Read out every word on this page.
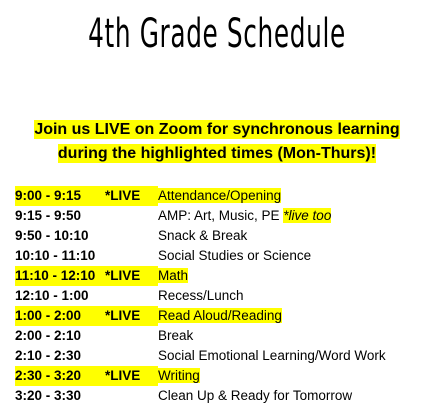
4th Grade Schedule
Join us LIVE on Zoom for synchronous learning
during the highlighted times (Mon-Thurs)!
9:00 - 9:15	*LIVE Attendance/Opening
9:15 - 9:50	AMP: Art, Music, PE *live too
9:50 - 10:10	Snack & Break
10:10 - 11:10	Social Studies or Science
11:10 - 12:10 *LIVE Math
12:10 - 1:00	Recess/Lunch
1:00 - 2:00	*LIVE Read Aloud/Reading
2:00 - 2:10	Break
2:10 - 2:30	Social Emotional Learning/Word Work
2:30 - 3:20	*LIVE Writing
3:20 - 3:30	Clean Up & Ready for Tomorrow
